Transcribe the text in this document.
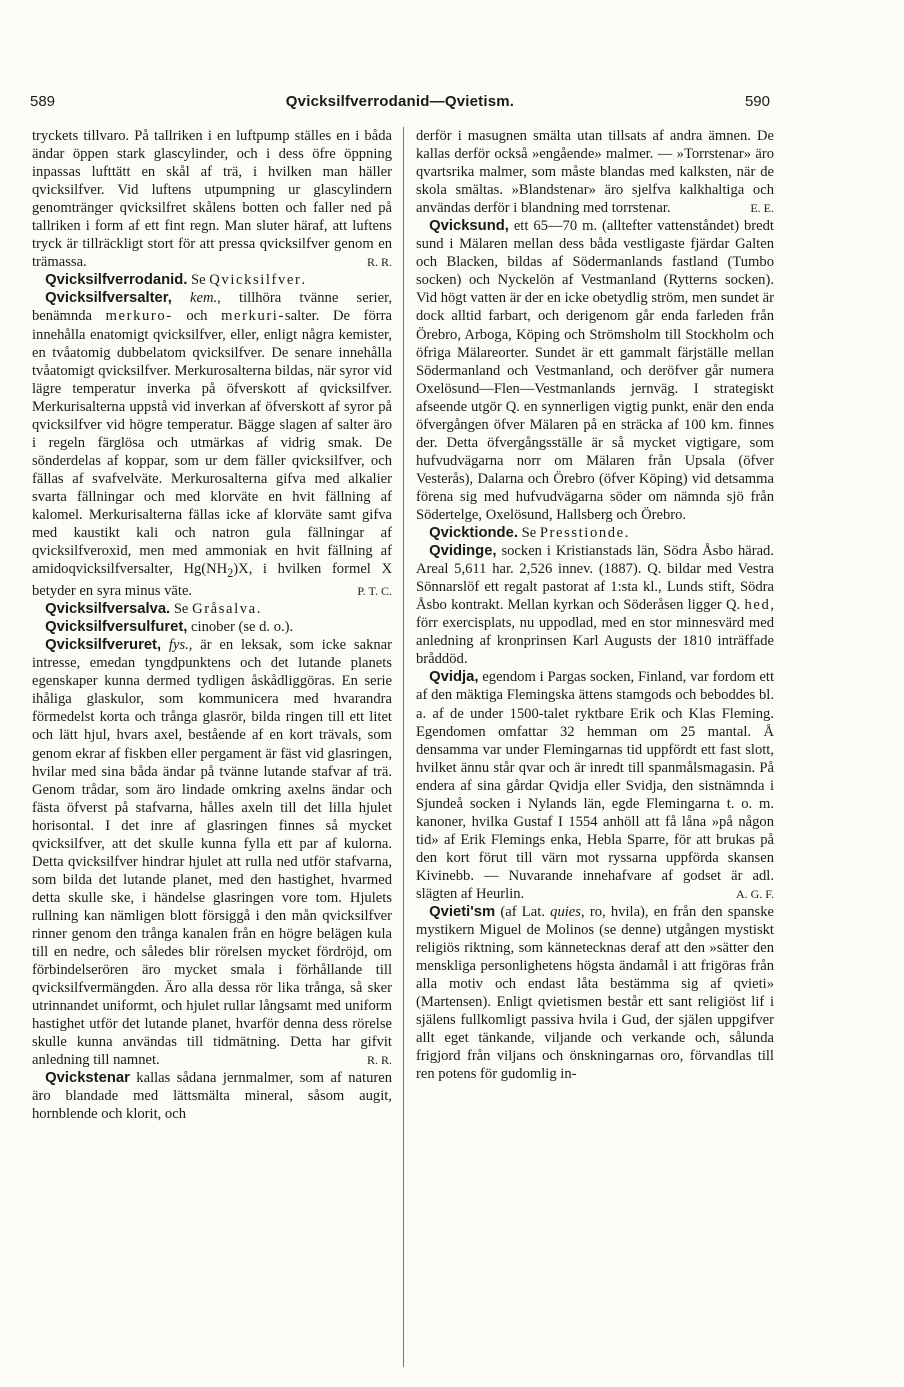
589	Qvicksilfverrodanid—Qvietism.	590

tryckets tillvaro. På tallriken i en luftpump ställes en i båda ändar öppen stark glascylinder, och i dess öfre öppning inpassas lufttätt en skål af trä, i hvilken man häller qvicksilfver. Vid luftens utpumpning ur glascylindern genomtränger qvicksilfret skålens botten och faller ned på tallriken i form af ett fint regn. Man sluter häraf, att luftens tryck är tillräckligt stort för att pressa qvicksilfver genom en trämassa.	R. R.

Qvicksilfverrodanid. Se Qvicksilfver.

Qvicksilfversalter, kem., tillhöra tvänne serier, benämnda merkuro- och merkuri-salter. De förra innehålla enatomigt qvicksilfver, eller, enligt några kemister, en tvåatomig dubbelatom qvicksilfver. De senare innehålla tvåatomigt qvicksilfver. Merkurosalterna bildas, när syror vid lägre temperatur inverka på öfverskott af qvicksilfver. Merkurisalterna uppstå vid inverkan af öfverskott af syror på qvicksilfver vid högre temperatur. Bägge slagen af salter äro i regeln färglösa och utmärkas af vidrig smak. De sönderdelas af koppar, som ur dem fäller qvicksilfver, och fällas af svafvelväte. Merkurosalterna gifva med alkalier svarta fällningar och med klorväte en hvit fällning af kalomel. Merkurisalterna fällas icke af klorväte samt gifva med kaustikt kali och natron gula fällningar af qvicksilfveroxid, men med ammoniak en hvit fällning af amidoqvicksilfversalter, $Hg(NH_2)X$, i hvilken formel X betyder en syra minus väte.	P. T. C.

Qvicksilfversalva. Se Gråsalva.

Qvicksilfversulfuret, cinober (se d. o.).

Qvicksilfveruret, fys., är en leksak, som icke saknar intresse, emedan tyngdpunktens och det lutande planets egenskaper kunna dermed tydligen åskådliggöras. En serie ihåliga glaskulor, som kommunicera med hvarandra förmedelst korta och trånga glasrör, bilda ringen till ett litet och lätt hjul, hvars axel, bestående af en kort trävals, som genom ekrar af fiskben eller pergament är fäst vid glasringen, hvilar med sina båda ändar på tvänne lutande stafvar af trä. Genom trådar, som äro lindade omkring axelns ändar och fästa öfverst på stafvarna, hålles axeln till det lilla hjulet horisontal. I det inre af glasringen finnes så mycket qvicksilfver, att det skulle kunna fylla ett par af kulorna. Detta qvicksilfver hindrar hjulet att rulla ned utför stafvarna, som bilda det lutande planet, med den hastighet, hvarmed detta skulle ske, i händelse glasringen vore tom. Hjulets rullning kan nämligen blott försiggå i den mån qvicksilfver rinner genom den trånga kanalen från en högre belägen kula till en nedre, och således blir rörelsen mycket fördröjd, om förbindelserören äro mycket smala i förhållande till qvicksilfvermängden. Äro alla dessa rör lika trånga, så sker utrinnandet uniformt, och hjulet rullar långsamt med uniform hastighet utför det lutande planet, hvarför denna dess rörelse skulle kunna användas till tidmätning. Detta har gifvit anledning till namnet.	R. R.

Qvickstenar kallas sådana jernmalmer, som af naturen äro blandade med lättsmälta mineral, såsom augit, hornblende och klorit, och

derför i masugnen smälta utan tillsats af andra ämnen. De kallas derför också »engående» malmer. — »Torrstenar» äro qvartsrika malmer, som måste blandas med kalksten, när de skola smältas. »Blandstenar» äro sjelfva kalkhaltiga och användas derför i blandning med torrstenar.	E. E.

Qvicksund, ett 65—70 m. (alltefter vattenståndet) bredt sund i Mälaren mellan dess båda vestligaste fjärdar Galten och Blacken, bildas af Södermanlands fastland (Tumbo socken) och Nyckelön af Vestmanland (Rytterns socken). Vid högt vatten är der en icke obetydlig ström, men sundet är dock alltid farbart, och derigenom går enda farleden från Örebro, Arboga, Köping och Strömsholm till Stockholm och öfriga Mälareorter. Sundet är ett gammalt färjställe mellan Södermanland och Vestmanland, och deröfver går numera Oxelösund—Flen—Vestmanlands jernväg. I strategiskt afseende utgör Q. en synnerligen vigtig punkt, enär den enda öfvergången öfver Mälaren på en sträcka af 100 km. finnes der. Detta öfvergångsställe är så mycket vigtigare, som hufvudvägarna norr om Mälaren från Upsala (öfver Vesterås), Dalarna och Örebro (öfver Köping) vid detsamma förena sig med hufvudvägarna söder om nämnda sjö från Södertelge, Oxelösund, Hallsberg och Örebro.

Qvicktionde. Se Presstionde.

Qvidinge, socken i Kristianstads län, Södra Åsbo härad. Areal 5,611 har. 2,526 innev. (1887). Q. bildar med Vestra Sönnarslöf ett regalt pastorat af 1:sta kl., Lunds stift, Södra Åsbo kontrakt. Mellan kyrkan och Söderåsen ligger Q. hed, förr exercisplats, nu uppodlad, med en stor minnesvärd med anledning af kronprinsen Karl Augusts der 1810 inträffade bråddöd.

Qvidja, egendom i Pargas socken, Finland, var fordom ett af den mäktiga Flemingska ättens stamgods och beboddes bl. a. af de under 1500-talet ryktbare Erik och Klas Fleming. Egendomen omfattar 32 hemman om 25 mantal. Å densamma var under Flemingarnas tid uppfördt ett fast slott, hvilket ännu står qvar och är inredt till spanmålsmagasin. På endera af sina gårdar Qvidja eller Svidja, den sistnämnda i Sjundeå socken i Nylands län, egde Flemingarna t. o. m. kanoner, hvilka Gustaf I 1554 anhöll att få låna »på någon tid» af Erik Flemings enka, Hebla Sparre, för att brukas på den kort förut till värn mot ryssarna uppförda skansen Kivinebb. — Nuvarande innehafvare af godset är adl. slägten af Heurlin.	A. G. F.

Qvieti'sm (af Lat. quies, ro, hvila), en från den spanske mystikern Miguel de Molinos (se denne) utgången mystiskt religiös riktning, som kännetecknas deraf att den »sätter den menskliga personlighetens högsta ändamål i att frigöras från alla motiv och endast låta bestämma sig af qvieti» (Martensen). Enligt qvietismen består ett sant religiöst lif i själens fullkomligt passiva hvila i Gud, der själen uppgifver allt eget tänkande, viljande och verkande och, sålunda frigjord från viljans och önskningarnas oro, förvandlas till ren potens för gudomlig in-
